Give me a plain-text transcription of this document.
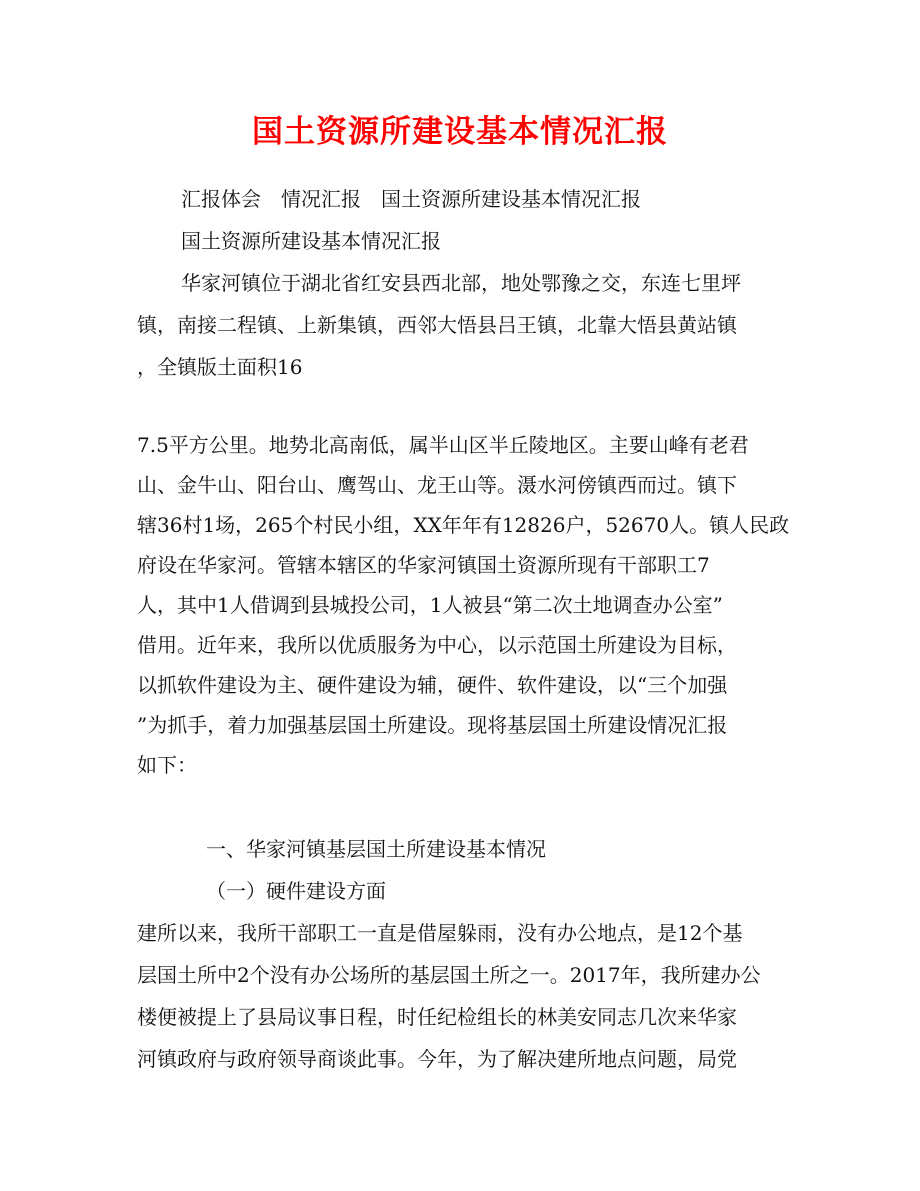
国土资源所建设基本情况汇报
汇报体会　情况汇报　国土资源所建设基本情况汇报
国土资源所建设基本情况汇报
华家河镇位于湖北省红安县西北部，地处鄂豫之交，东连七里坪
镇，南接二程镇、上新集镇，西邻大悟县吕王镇，北靠大悟县黄站镇
，全镇版土面积16
7.5平方公里。地势北高南低，属半山区半丘陵地区。主要山峰有老君
山、金牛山、阳台山、鹰驾山、龙王山等。滠水河傍镇西而过。镇下
辖36村1场，265个村民小组，XX年年有12826户，52670人。镇人民政
府设在华家河。管辖本辖区的华家河镇国土资源所现有干部职工7
人，其中1人借调到县城投公司，1人被县“第二次土地调查办公室”
借用。近年来，我所以优质服务为中心，以示范国土所建设为目标，
以抓软件建设为主、硬件建设为辅，硬件、软件建设，以“三个加强
”为抓手，着力加强基层国土所建设。现将基层国土所建设情况汇报
如下：
一、华家河镇基层国土所建设基本情况
（一）硬件建设方面
建所以来，我所干部职工一直是借屋躲雨，没有办公地点，是12个基
层国土所中2个没有办公场所的基层国土所之一。2017年，我所建办公
楼便被提上了县局议事日程，时任纪检组长的林美安同志几次来华家
河镇政府与政府领导商谈此事。今年，为了解决建所地点问题，局党
